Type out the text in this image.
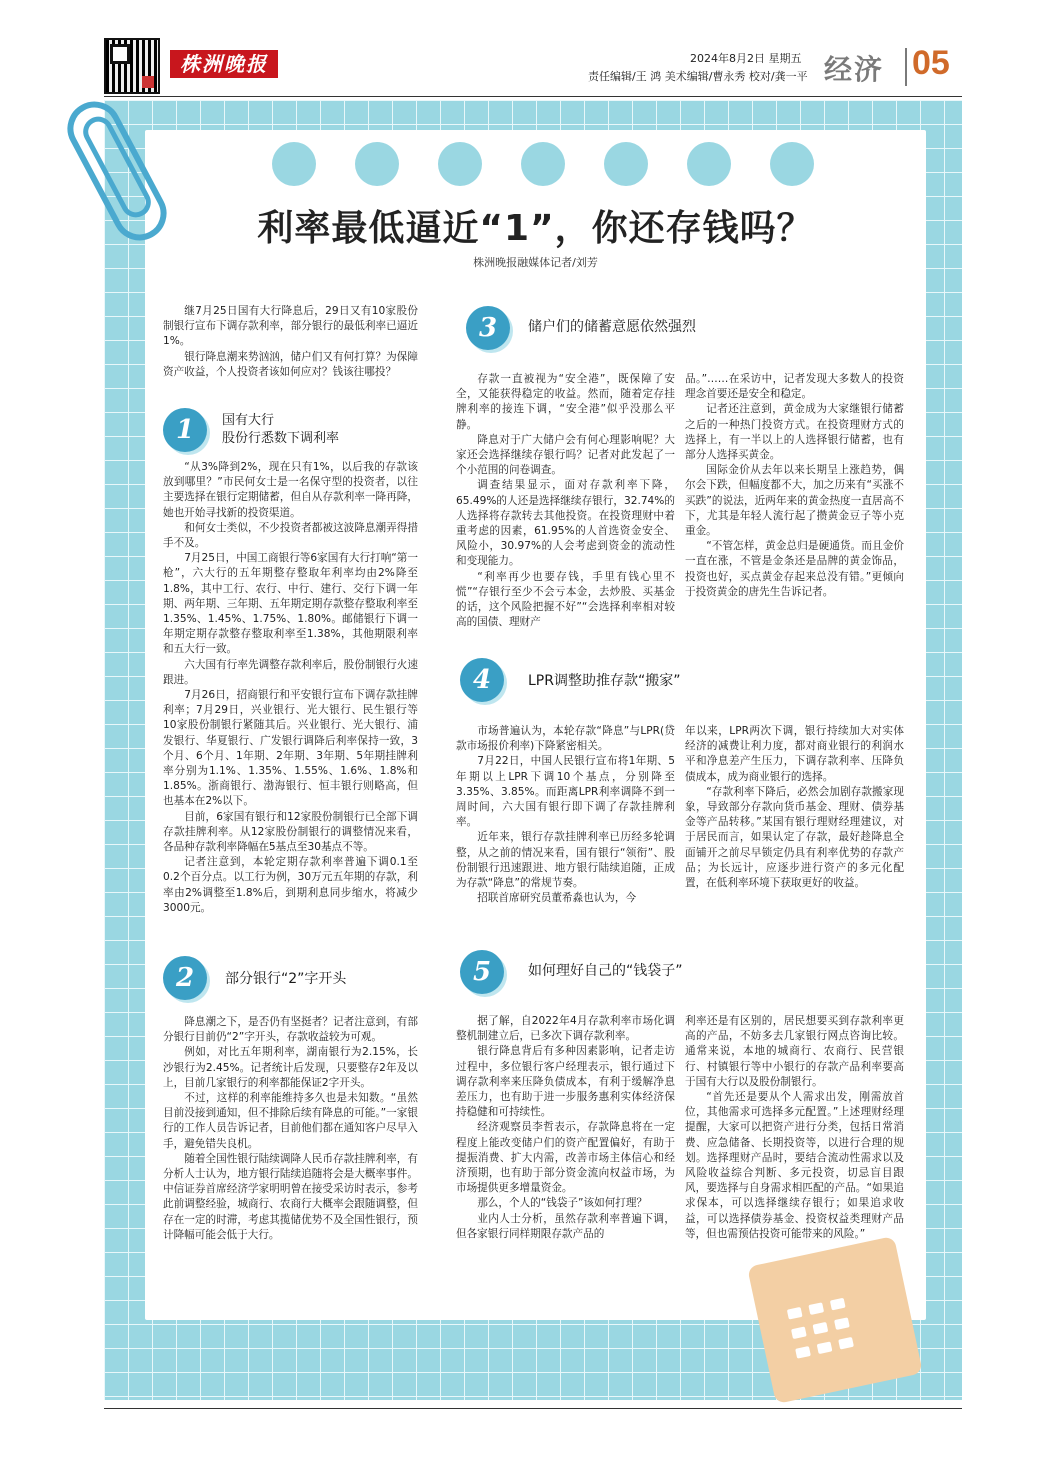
株洲晚报	2024年8月2日 星期五
责任编辑/王 鸿 美术编辑/曹永秀 校对/龚一平 经济 05
利率最低逼近“1”，你还存钱吗？
株洲晚报融媒体记者/刘芳

继7月25日国有大行降息后，29日又有10家股份制银行宣布下调存款利率，部分银行的最低利率已逼近1%。

银行降息潮来势汹汹，储户们又有何打算？为保障资产收益，个人投资者该如何应对？钱该往哪投？

1	国有大行
股份行悉数下调利率

“从3%降到2%，现在只有1%，以后我的存款该放到哪里？”市民何女士是一名保守型的投资者，以往主要选择在银行定期储蓄，但自从存款利率一降再降，她也开始寻找新的投资渠道。

和何女士类似，不少投资者都被这波降息潮弄得措手不及。

7月25日，中国工商银行等6家国有大行打响“第一枪”，六大行的五年期整存整取年利率均由2%降至1.8%，其中工行、农行、中行、建行、交行下调一年期、两年期、三年期、五年期定期存款整存整取利率至1.35%、1.45%、1.75%、1.80%。邮储银行下调一年期定期存款整存整取利率至1.38%，其他期限利率和五大行一致。

六大国有行率先调整存款利率后，股份制银行火速跟进。

7月26日，招商银行和平安银行宣布下调存款挂牌利率；7月29日，兴业银行、光大银行、民生银行等10家股份制银行紧随其后。兴业银行、光大银行、浦发银行、华夏银行、广发银行调降后利率保持一致，3个月、6个月、1年期、2年期、3年期、5年期挂牌利率分别为1.1%、1.35%、1.55%、1.6%、1.8%和1.85%。浙商银行、渤海银行、恒丰银行则略高，但也基本在2%以下。

目前，6家国有银行和12家股份制银行已全部下调存款挂牌利率。从12家股份制银行的调整情况来看，各品种存款利率降幅在5基点至30基点不等。

记者注意到，本轮定期存款利率普遍下调0.1至0.2个百分点。以工行为例，30万元五年期的存款，利率由2%调整至1.8%后，到期利息同步缩水，将减少3000元。

2	部分银行“2”字开头

降息潮之下，是否仍有坚挺者？记者注意到，有部分银行目前仍“2”字开头，存款收益较为可观。

例如，对比五年期利率，湖南银行为2.15%，长沙银行为2.45%。记者统计后发现，只要整存2年及以上，目前几家银行的利率都能保证2字开头。

不过，这样的利率能维持多久也是未知数。“虽然目前没接到通知，但不排除后续有降息的可能。”一家银行的工作人员告诉记者，目前他们都在通知客户尽早入手，避免错失良机。

随着全国性银行陆续调降人民币存款挂牌利率，有分析人士认为，地方银行陆续追随将会是大概率事件。中信证券首席经济学家明明曾在接受采访时表示，参考此前调整经验，城商行、农商行大概率会跟随调整，但存在一定的时滞，考虑其揽储优势不及全国性银行，预计降幅可能会低于大行。

3	储户们的储蓄意愿依然强烈

存款一直被视为“安全港”，既保障了安全，又能获得稳定的收益。然而，随着定存挂牌利率的接连下调，“安全港”似乎没那么平静。

降息对于广大储户会有何心理影响呢？大家还会选择继续存银行吗？记者对此发起了一个小范围的问卷调查。

调查结果显示，面对存款利率下降，65.49%的人还是选择继续存银行，32.74%的人选择将存款转去其他投资。在投资理财中着重考虑的因素，61.95%的人首选资金安全、风险小，30.97%的人会考虑到资金的流动性和变现能力。

“利率再少也要存钱，手里有钱心里不慌”“存银行至少不会亏本金，去炒股、买基金的话，这个风险把握不好”“会选择利率相对较高的国债、理财产

品。”……在采访中，记者发现大多数人的投资理念首要还是安全和稳定。

记者还注意到，黄金成为大家继银行储蓄之后的一种热门投资方式。在投资理财方式的选择上，有一半以上的人选择银行储蓄，也有部分人选择买黄金。

国际金价从去年以来长期呈上涨趋势，偶尔会下跌，但幅度都不大，加之历来有“买涨不买跌”的说法，近两年来的黄金热度一直居高不下，尤其是年轻人流行起了攒黄金豆子等小克重金。

“不管怎样，黄金总归是硬通货。而且金价一直在涨，不管是金条还是品牌的黄金饰品，投资也好，买点黄金存起来总没有错。”更倾向于投资黄金的唐先生告诉记者。

4	LPR调整助推存款“搬家”

市场普遍认为，本轮存款“降息”与LPR(贷款市场报价利率)下降紧密相关。

7月22日，中国人民银行宣布将1年期、5年期以上LPR下调10个基点，分别降至3.35%、3.85%。而距离LPR利率调降不到一周时间，六大国有银行即下调了存款挂牌利率。

近年来，银行存款挂牌利率已历经多轮调整，从之前的情况来看，国有银行“领衔”、股份制银行迅速跟进、地方银行陆续追随，正成为存款“降息”的常规节奏。

招联首席研究员董希淼也认为，今

年以来，LPR两次下调，银行持续加大对实体经济的减费让利力度，都对商业银行的利润水平和净息差产生压力，下调存款利率、压降负债成本，成为商业银行的选择。

“存款利率下降后，必然会加剧存款搬家现象，导致部分存款向货币基金、理财、债券基金等产品转移。”某国有银行理财经理建议，对于居民而言，如果认定了存款，最好趁降息全面铺开之前尽早锁定仍具有利率优势的存款产品；为长远计，应逐步进行资产的多元化配置，在低利率环境下获取更好的收益。

5	如何理好自己的“钱袋子”

据了解，自2022年4月存款利率市场化调整机制建立后，已多次下调存款利率。

银行降息背后有多种因素影响，记者走访过程中，多位银行客户经理表示，银行通过下调存款利率来压降负债成本，有利于缓解净息差压力，也有助于进一步服务惠利实体经济保持稳健和可持续性。

经济观察员李哲表示，存款降息将在一定程度上能改变储户们的资产配置偏好，有助于提振消费、扩大内需，改善市场主体信心和经济预期，也有助于部分资金流向权益市场，为市场提供更多增量资金。

那么，个人的“钱袋子”该如何打理？

业内人士分析，虽然存款利率普遍下调，但各家银行同样期限存款产品的

利率还是有区别的，居民想要买到存款利率更高的产品，不妨多去几家银行网点咨询比较。通常来说，本地的城商行、农商行、民营银行、村镇银行等中小银行的存款产品利率要高于国有大行以及股份制银行。

“首先还是要从个人需求出发，刚需放首位，其他需求可选择多元配置。”上述理财经理提醒，大家可以把资产进行分类，包括日常消费、应急储备、长期投资等，以进行合理的规划。选择理财产品时，要结合流动性需求以及风险收益综合判断、多元投资，切忌盲目跟风，要选择与自身需求相匹配的产品。“如果追求保本，可以选择继续存银行；如果追求收益，可以选择债券基金、投资权益类理财产品等，但也需预估投资可能带来的风险。”
